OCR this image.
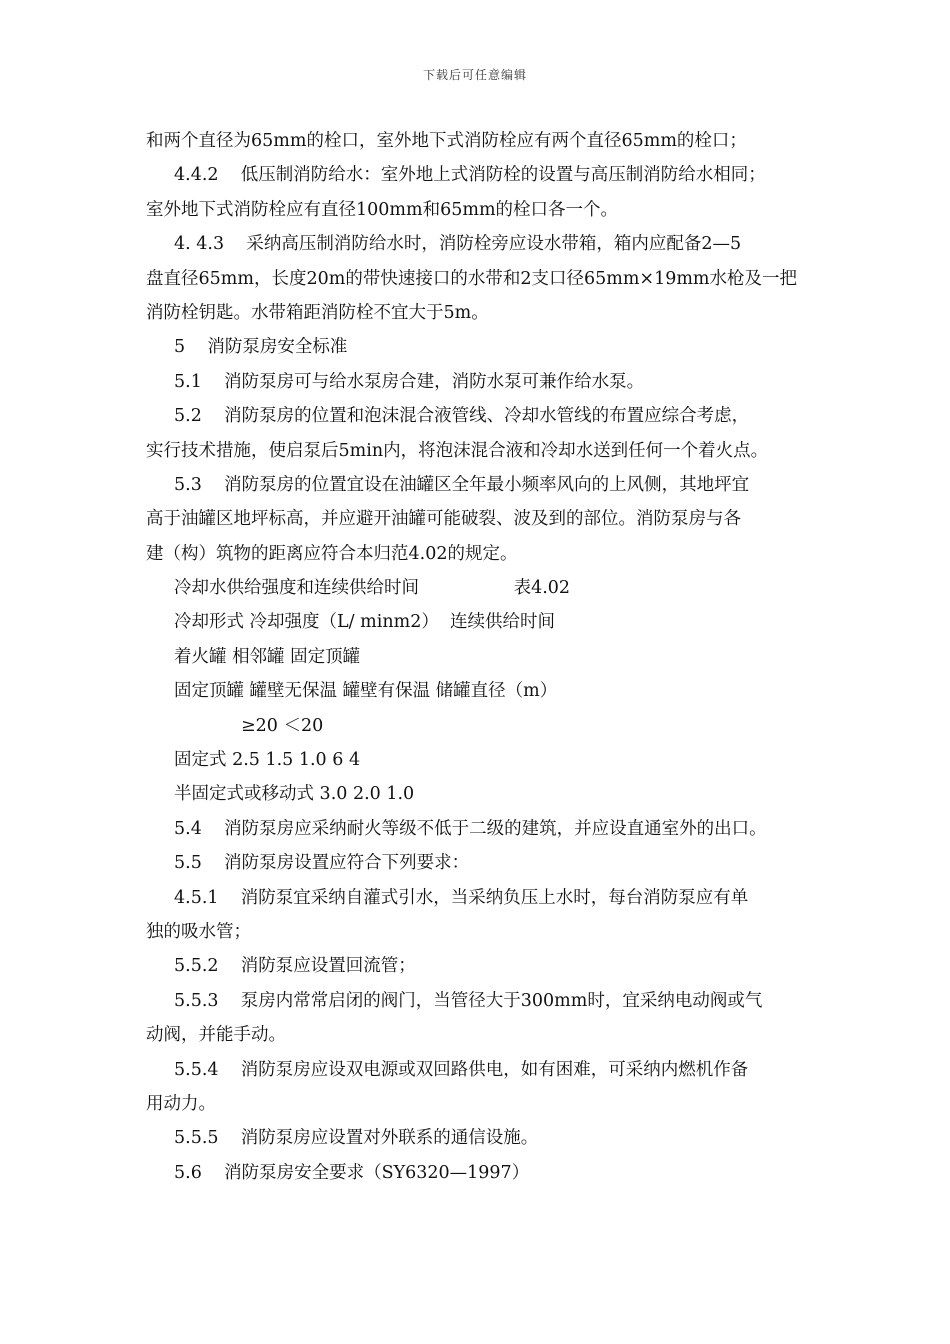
下载后可任意编辑
和两个直径为65mm的栓口，室外地下式消防栓应有两个直径65mm的栓口；
4.4.2    低压制消防给水：室外地上式消防栓的设置与高压制消防给水相同；
室外地下式消防栓应有直径100mm和65mm的栓口各一个。
4. 4.3    采纳高压制消防给水时，消防栓旁应设水带箱，箱内应配备2—5
盘直径65mm，长度20m的带快速接口的水带和2支口径65mm×19mm水枪及一把
消防栓钥匙。水带箱距消防栓不宜大于5m。
5    消防泵房安全标准
5.1    消防泵房可与给水泵房合建，消防水泵可兼作给水泵。
5.2    消防泵房的位置和泡沫混合液管线、冷却水管线的布置应综合考虑，
实行技术措施，使启泵后5min内，将泡沫混合液和冷却水送到任何一个着火点。
5.3    消防泵房的位置宜设在油罐区全年最小频率风向的上风侧，其地坪宜
高于油罐区地坪标高，并应避开油罐可能破裂、波及到的部位。消防泵房与各
建（构）筑物的距离应符合本归范4.02的规定。
冷却水供给强度和连续供给时间                 表4.02
冷却形式 冷却强度（L/ minm2）  连续供给时间
着火罐 相邻罐 固定顶罐
固定顶罐 罐壁无保温 罐壁有保温 储罐直径（m）
≥20 ＜20
固定式 2.5 1.5 1.0 6 4
半固定式或移动式 3.0 2.0 1.0
5.4    消防泵房应采纳耐火等级不低于二级的建筑，并应设直通室外的出口。
5.5    消防泵房设置应符合下列要求：
4.5.1    消防泵宜采纳自灌式引水，当采纳负压上水时，每台消防泵应有单
独的吸水管；
5.5.2    消防泵应设置回流管；
5.5.3    泵房内常常启闭的阀门，当管径大于300mm时，宜采纳电动阀或气
动阀，并能手动。
5.5.4    消防泵房应设双电源或双回路供电，如有困难，可采纳内燃机作备
用动力。
5.5.5    消防泵房应设置对外联系的通信设施。
5.6    消防泵房安全要求（SY6320—1997）
